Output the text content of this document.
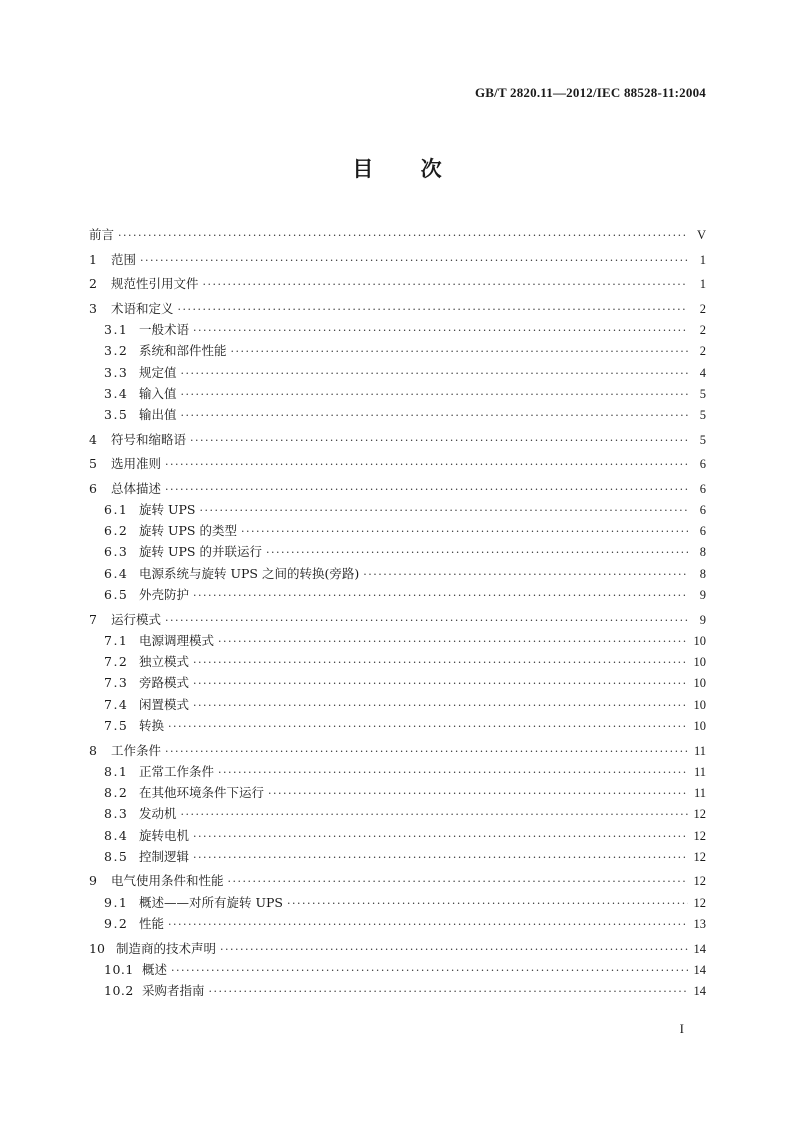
GB/T 2820.11—2012/IEC 88528-11:2004
目 次
前言 ·····	V
1	范围 ·····	1
2	规范性引用文件 ·····	1
3	术语和定义 ·····	2
3.1 一般术语 ·····	2
3.2 系统和部件性能 ·····	2
3.3 规定值 ·····	4
3.4 输入值 ·····	5
3.5 输出值 ·····	5
4	符号和缩略语 ·····	5
5	选用准则 ·····	6
6	总体描述 ·····	6
6.1 旋转 UPS ·····	6
6.2 旋转 UPS 的类型 ·····	6
6.3 旋转 UPS 的并联运行 ·····	8
6.4 电源系统与旋转 UPS 之间的转换(旁路) ·····	8
6.5 外壳防护 ·····	9
7	运行模式 ·····	9
7.1 电源调理模式 ·····	10
7.2 独立模式 ·····	10
7.3 旁路模式 ·····	10
7.4 闲置模式 ·····	10
7.5 转换 ·····	10
8	工作条件 ·····	11
8.1 正常工作条件 ·····	11
8.2 在其他环境条件下运行 ·····	11
8.3 发动机 ·····	12
8.4 旋转电机 ·····	12
8.5 控制逻辑 ·····	12
9	电气使用条件和性能 ·····	12
9.1 概述——对所有旋转 UPS ·····	12
9.2 性能 ·····	13
10 制造商的技术声明 ·····	14
10.1 概述 ·····	14
10.2 采购者指南 ·····	14
I
